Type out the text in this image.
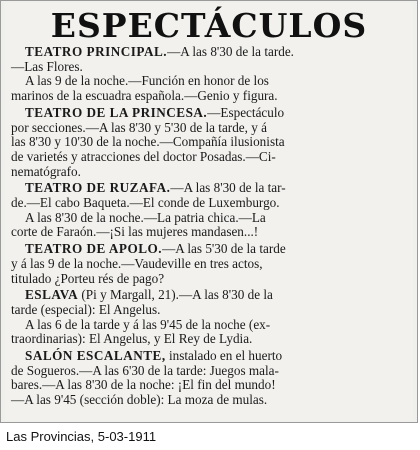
ESPECTÁCULOS

TEATRO PRINCIPAL.—A las 8'30 de la tarde.
—Las Flores.
A las 9 de la noche.—Función en honor de los
marinos de la escuadra española.—Genio y figura.

TEATRO DE LA PRINCESA.—Espectáculo
por secciones.—A las 8'30 y 5'30 de la tarde, y á
las 8'30 y 10'30 de la noche.—Compañía ilusionista
de varietés y atracciones del doctor Posadas.—Ci-
nematógrafo.

TEATRO DE RUZAFA.—A las 8'30 de la tar-
de.—El cabo Baqueta.—El conde de Luxemburgo.
A las 8'30 de la noche.—La patria chica.—La
corte de Faraón.—¡Si las mujeres mandasen...!

TEATRO DE APOLO.—A las 5'30 de la tarde
y á las 9 de la noche.—Vaudeville en tres actos,
titulado ¿Porteu rés de pago?

ESLAVA (Pi y Margall, 21).—A las 8'30 de la
tarde (especial): El Angelus.
A las 6 de la tarde y á las 9'45 de la noche (ex-
traordinarias): El Angelus, y El Rey de Lydia.

SALÓN ESCALANTE, instalado en el huerto
de Sogueros.—A las 6'30 de la tarde: Juegos mala-
bares.—A las 8'30 de la noche: ¡El fin del mundo!
—A las 9'45 (sección doble): La moza de mulas.

Las Provincias, 5-03-1911
